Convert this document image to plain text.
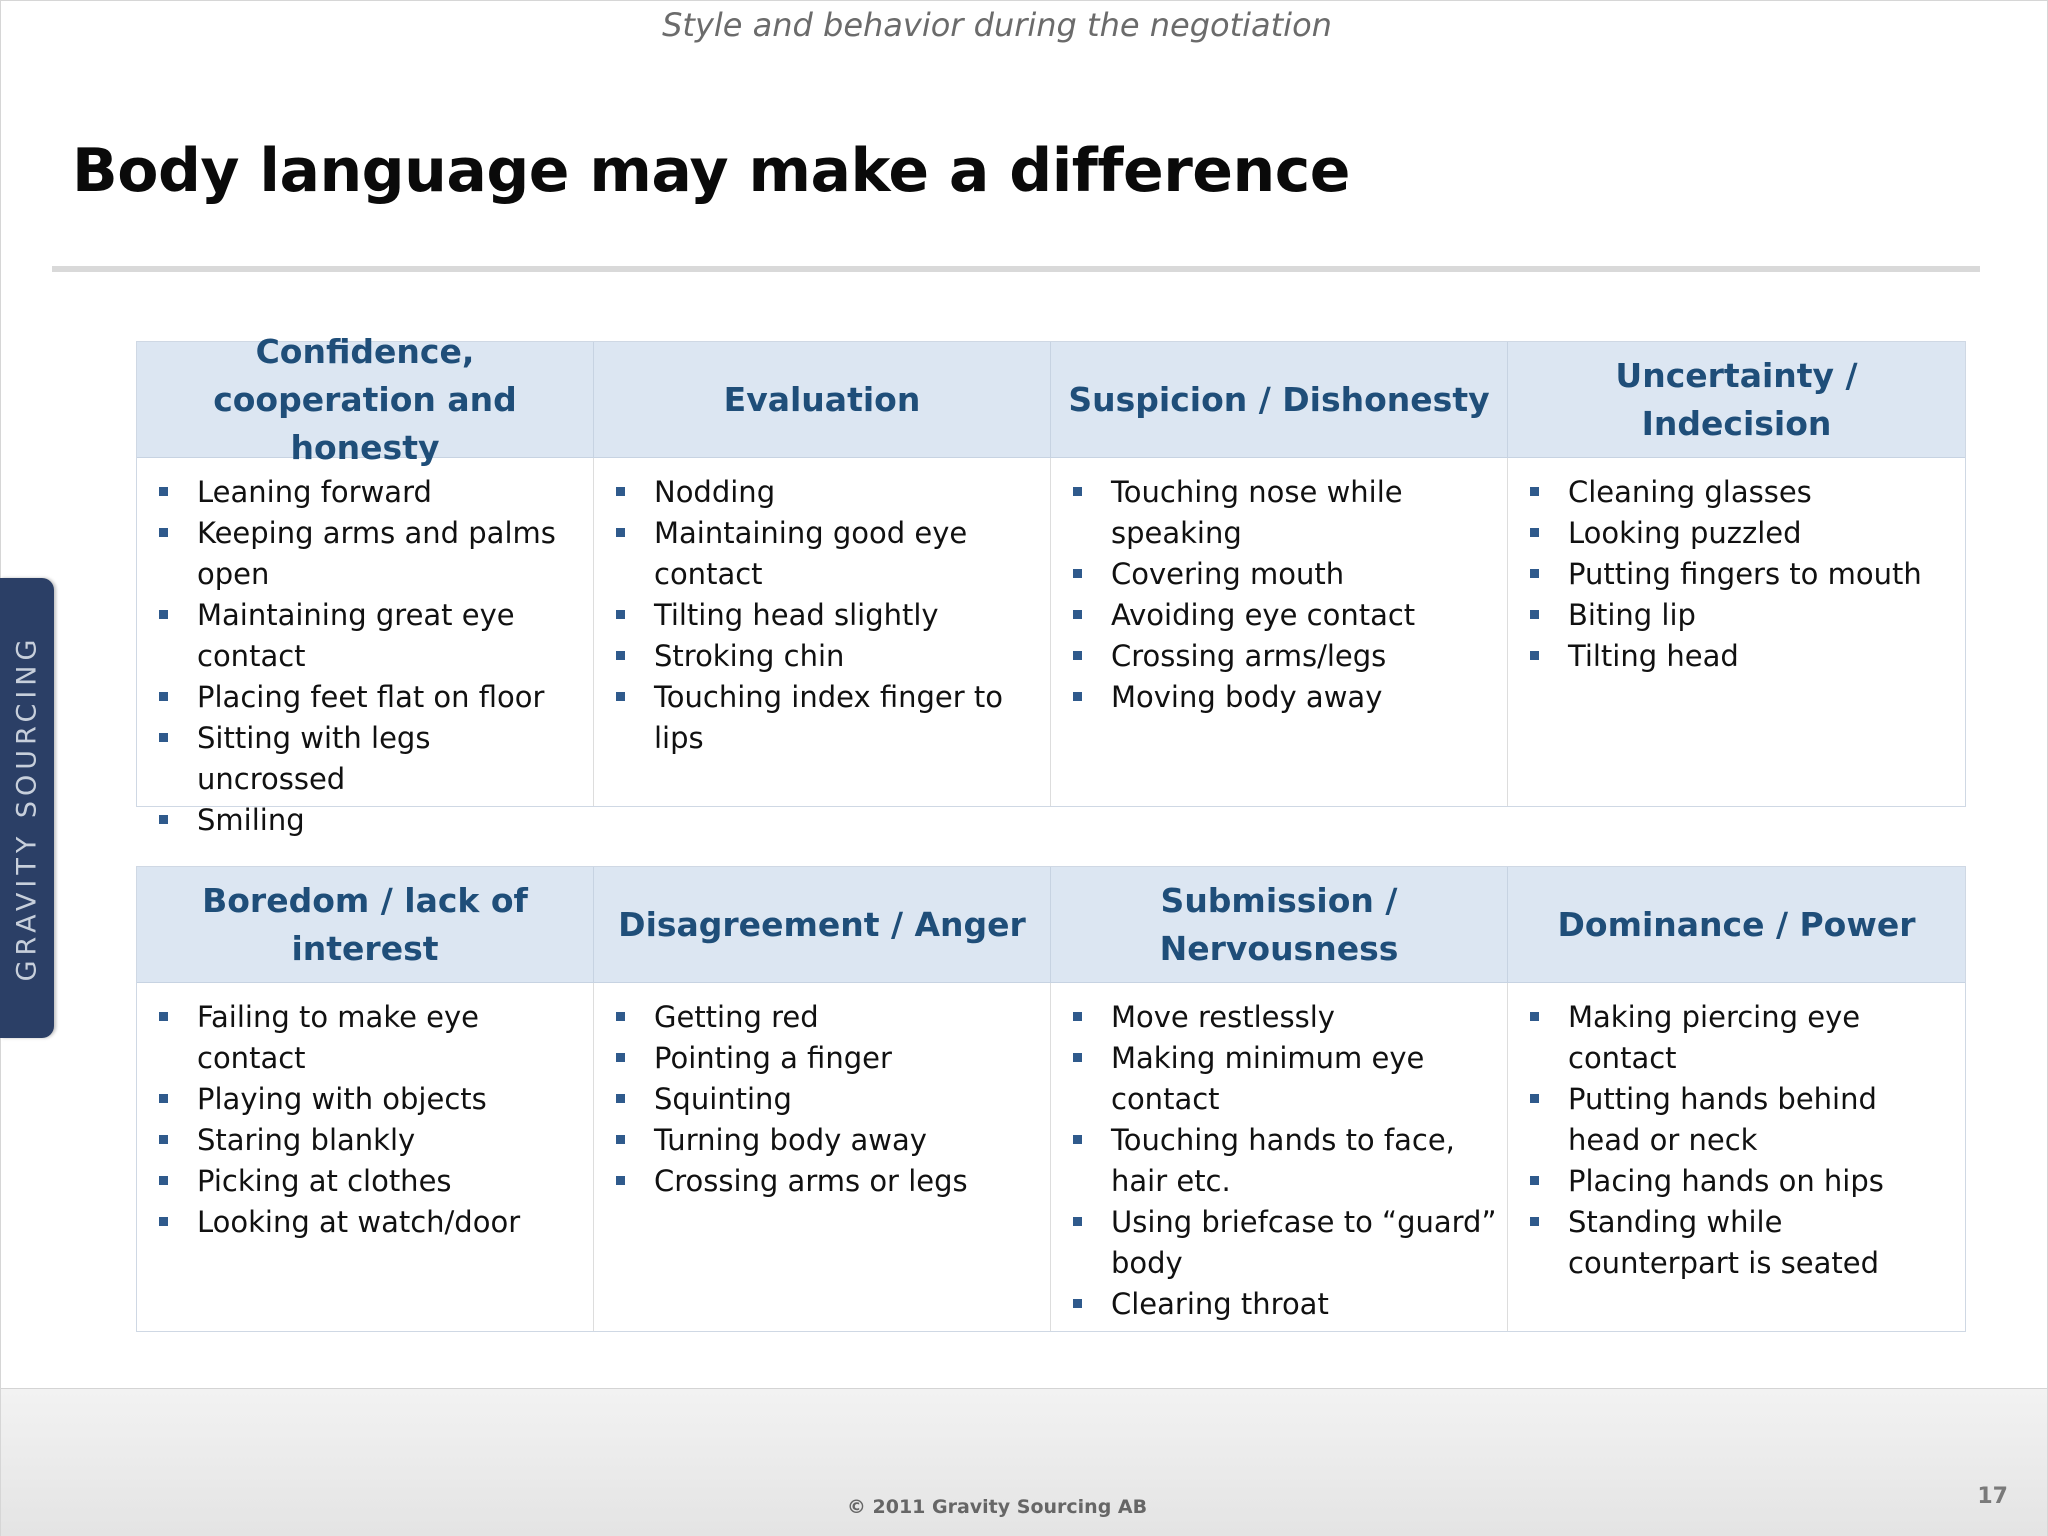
Style and behavior during the negotiation
Body language may make a difference
GRAVITY SOURCING
Confidence, cooperation and honesty
Evaluation	Suspicion / Dishonesty
Uncertainty / Indecision
Leaning forward
Keeping arms and palms open
Maintaining great eye contact
Placing feet flat on floor
Sitting with legs uncrossed
Smiling
Nodding
Maintaining good eye contact
Tilting head slightly
Stroking chin
Touching index finger to lips
Touching nose while speaking
Covering mouth
Avoiding eye contact
Crossing arms/legs
Moving body away
Cleaning glasses
Looking puzzled
Putting fingers to mouth
Biting lip
Tilting head
Boredom / lack of interest
Disagreement / Anger
Submission / Nervousness
Dominance / Power
Failing to make eye contact
Playing with objects
Staring blankly
Picking at clothes
Looking at watch/door
Getting red
Pointing a finger
Squinting
Turning body away
Crossing arms or legs
Move restlessly
Making minimum eye contact
Touching hands to face, hair etc.
Using briefcase to “guard” body
Clearing throat
Making piercing eye contact
Putting hands behind head or neck
Placing hands on hips
Standing while counterpart is seated
© 2011 Gravity Sourcing AB	17
